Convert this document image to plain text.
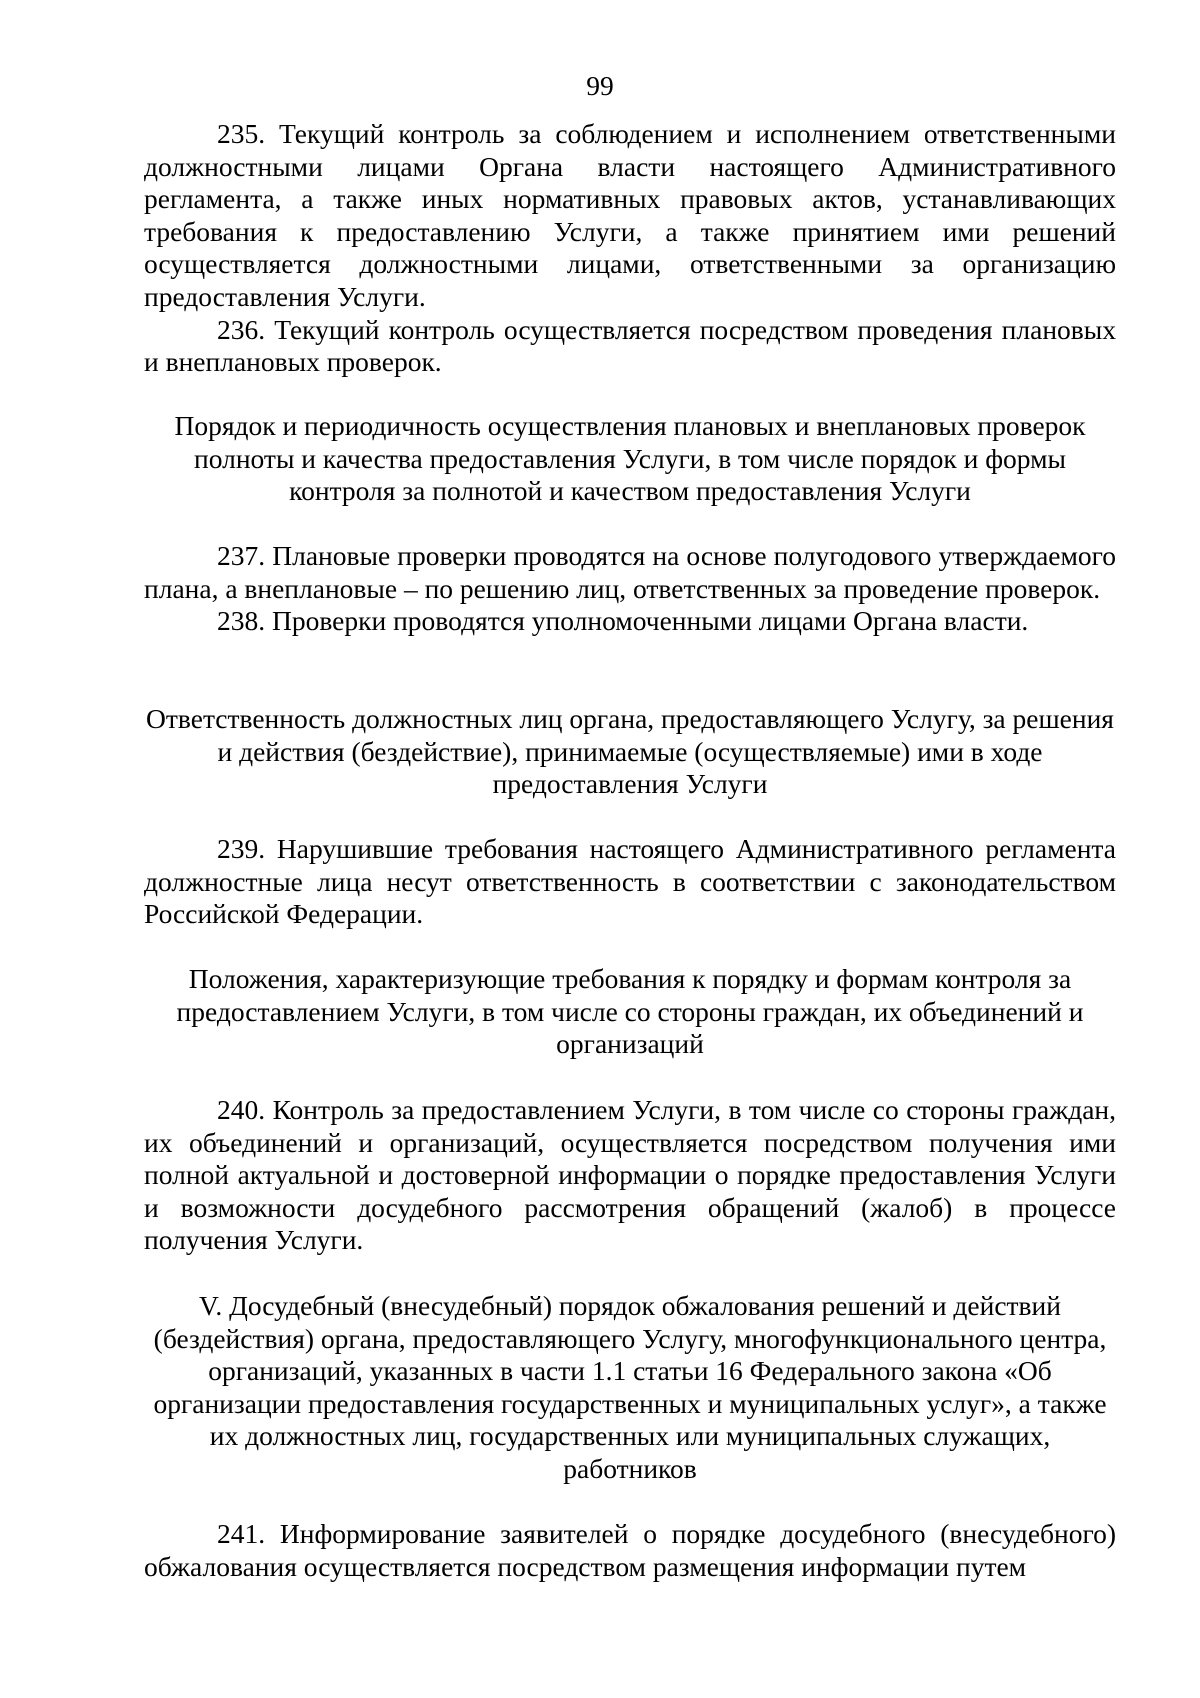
99

235. Текущий контроль за соблюдением и исполнением ответственными должностными лицами Органа власти настоящего Административного регламента, а также иных нормативных правовых актов, устанавливающих требования к предоставлению Услуги, а также принятием ими решений осуществляется должностными лицами, ответственными за организацию предоставления Услуги.

236. Текущий контроль осуществляется посредством проведения плановых и внеплановых проверок.

Порядок и периодичность осуществления плановых и внеплановых проверок полноты и качества предоставления Услуги, в том числе порядок и формы контроля за полнотой и качеством предоставления Услуги

237. Плановые проверки проводятся на основе полугодового утверждаемого плана, а внеплановые – по решению лиц, ответственных за проведение проверок.

238. Проверки проводятся уполномоченными лицами Органа власти.

Ответственность должностных лиц органа, предоставляющего Услугу, за решения и действия (бездействие), принимаемые (осуществляемые) ими в ходе предоставления Услуги

239. Нарушившие требования настоящего Административного регламента должностные лица несут ответственность в соответствии с законодательством Российской Федерации.

Положения, характеризующие требования к порядку и формам контроля за предоставлением Услуги, в том числе со стороны граждан, их объединений и организаций

240. Контроль за предоставлением Услуги, в том числе со стороны граждан, их объединений и организаций, осуществляется посредством получения ими полной актуальной и достоверной информации о порядке предоставления Услуги и возможности досудебного рассмотрения обращений (жалоб) в процессе получения Услуги.

V. Досудебный (внесудебный) порядок обжалования решений и действий (бездействия) органа, предоставляющего Услугу, многофункционального центра, организаций, указанных в части 1.1 статьи 16 Федерального закона «Об организации предоставления государственных и муниципальных услуг», а также их должностных лиц, государственных или муниципальных служащих, работников

241. Информирование заявителей о порядке досудебного (внесудебного) обжалования осуществляется посредством размещения информации путем
